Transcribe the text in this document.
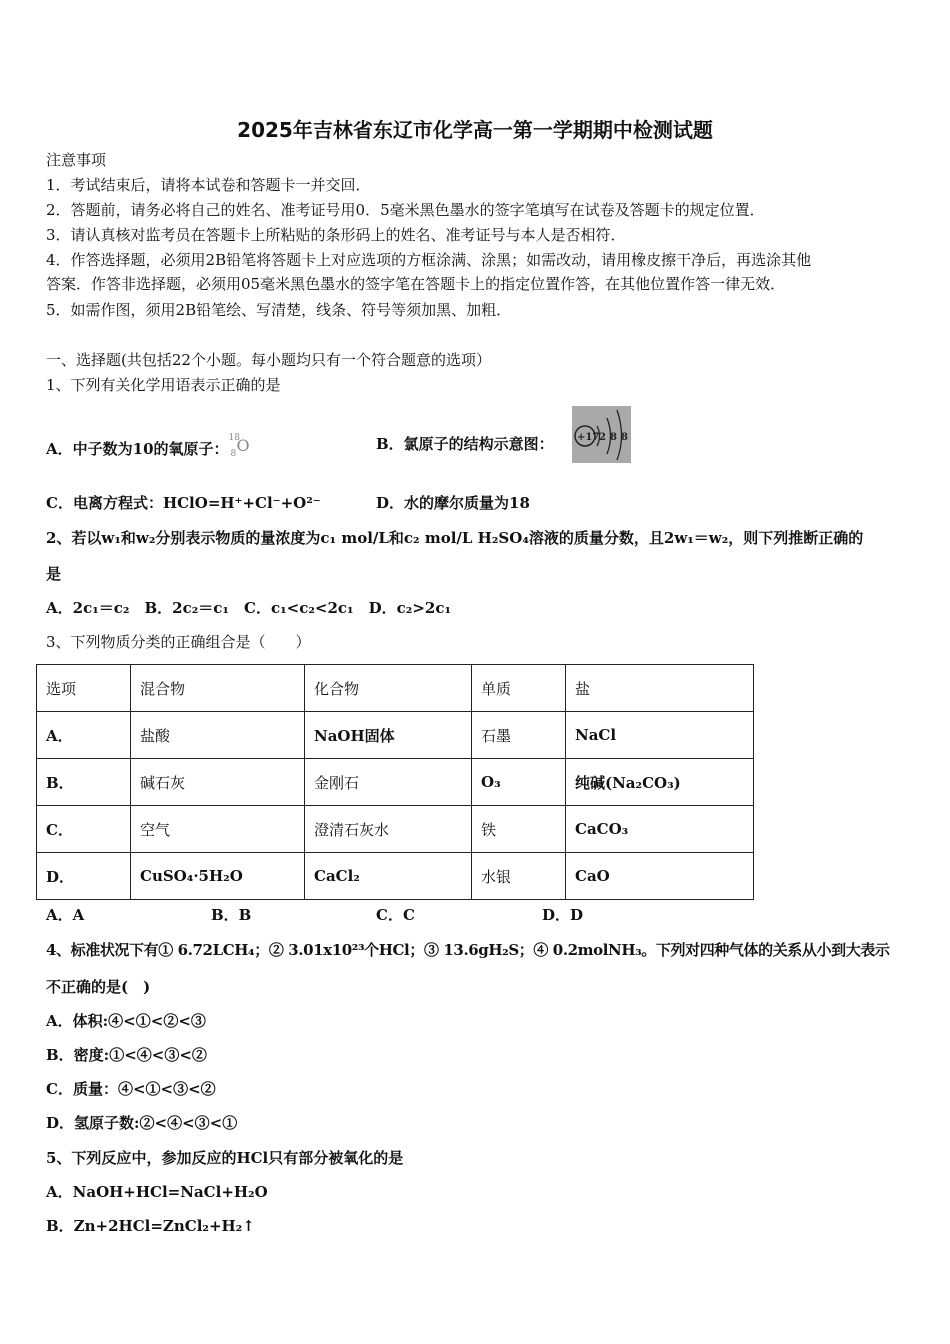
2025年吉林省东辽市化学高一第一学期期中检测试题
注意事项
1．考试结束后，请将本试卷和答题卡一并交回．
2．答题前，请务必将自己的姓名、准考证号用0．5毫米黑色墨水的签字笔填写在试卷及答题卡的规定位置．
3．请认真核对监考员在答题卡上所粘贴的条形码上的姓名、准考证号与本人是否相符．
4．作答选择题，必须用2B铅笔将答题卡上对应选项的方框涂满、涂黑；如需改动，请用橡皮擦干净后，再选涂其他
答案．作答非选择题，必须用05毫米黑色墨水的签字笔在答题卡上的指定位置作答，在其他位置作答一律无效．
5．如需作图，须用2B铅笔绘、写清楚，线条、符号等须加黑、加粗．
一、选择题(共包括22个小题。每小题均只有一个符合题意的选项）
1、下列有关化学用语表示正确的是
A．中子数为10的氧原子：
18
8 O	B．氯原子的结构示意图： +17 2 8 8
C．电离方程式：HClO=H⁺+Cl⁻+O²⁻	D．水的摩尔质量为18
2、若以w₁和w₂分别表示物质的量浓度为c₁ mol/L和c₂ mol/L H₂SO₄溶液的质量分数，且2w₁＝w₂，则下列推断正确的
是
A．2c₁＝c₂　B．2c₂＝c₁　C．c₁<c₂<2c₁　D．c₂>2c₁
3、下列物质分类的正确组合是（　　）
选项	混合物	化合物	单质	盐
A．	盐酸	NaOH固体	石墨	NaCl
B．	碱石灰	金刚石	O₃	纯碱(Na₂CO₃)
C．	空气	澄清石灰水	铁	CaCO₃
D．	CuSO₄·5H₂O	CaCl₂	水银	CaO
A．A	B．B	C．C	D．D
4、标准状况下有① 6.72LCH₄；② 3.01x10²³个HCl；③ 13.6gH₂S；④ 0.2molNH₃。下列对四种气体的关系从小到大表示
不正确的是(　)
A．体积:④<①<②<③
B．密度:①<④<③<②
C．质量：④<①<③<②
D．氢原子数:②<④<③<①
5、下列反应中，参加反应的HCl只有部分被氧化的是
A．NaOH+HCl=NaCl+H₂O
B．Zn+2HCl=ZnCl₂+H₂↑
